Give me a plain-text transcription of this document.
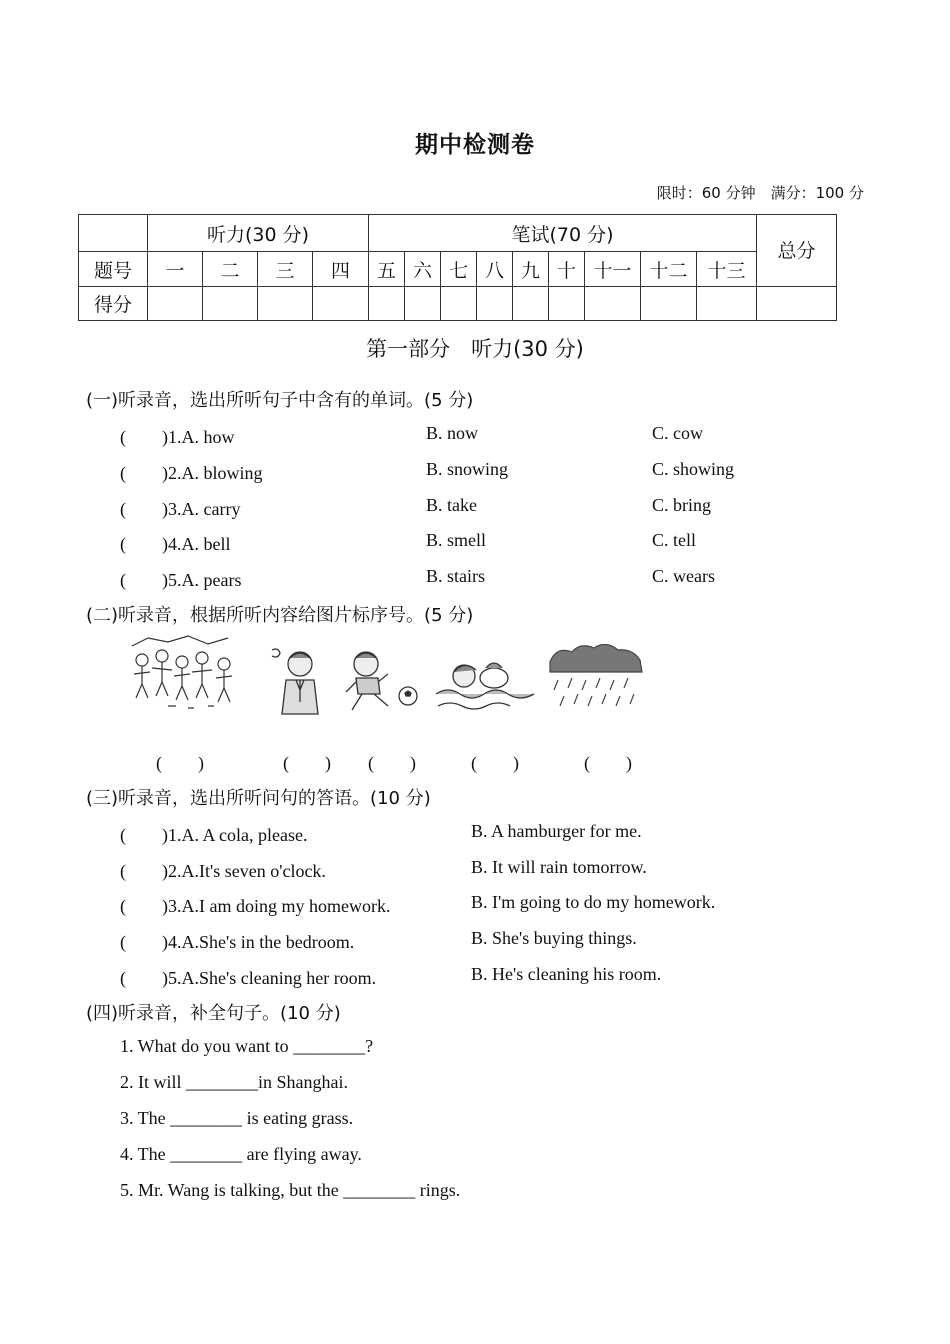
期中检测卷
限时：60 分钟　满分：100 分
	听力(30 分)				笔试(70 分)									总分
题号	一	二	三	四	五	六	七	八	九	十	十一	十二	十三	
得分														
第一部分　听力(30 分)
(一)听录音，选出所听句子中含有的单词。(5 分)
(　　)1.A. how	B. now	C. cow
(　　)2.A. blowing	B. snowing	C. showing
(　　)3.A. carry	B. take	C. bring
(　　)4.A. bell	B. smell	C. tell
(　　)5.A. pears	B. stairs	C. wears
(二)听录音，根据所听内容给图片标序号。(5 分)
(　　)	(　　) (　　)	(　　)	(　　)
(三)听录音，选出所听问句的答语。(10 分)
(　　)1.A. A cola, please.	B. A hamburger for me.
(　　)2.A.It's seven o'clock.	B. It will rain tomorrow.
(　　)3.A.I am doing my homework.	B. I'm going to do my homework.
(　　)4.A.She's in the bedroom.	B. She's buying things.
(　　)5.A.She's cleaning her room.	B. He's cleaning his room.
(四)听录音，补全句子。(10 分)
1. What do you want to ________?
2. It will ________in Shanghai.
3. The ________ is eating grass.
4. The ________ are flying away.
5. Mr. Wang is talking, but the ________ rings.
